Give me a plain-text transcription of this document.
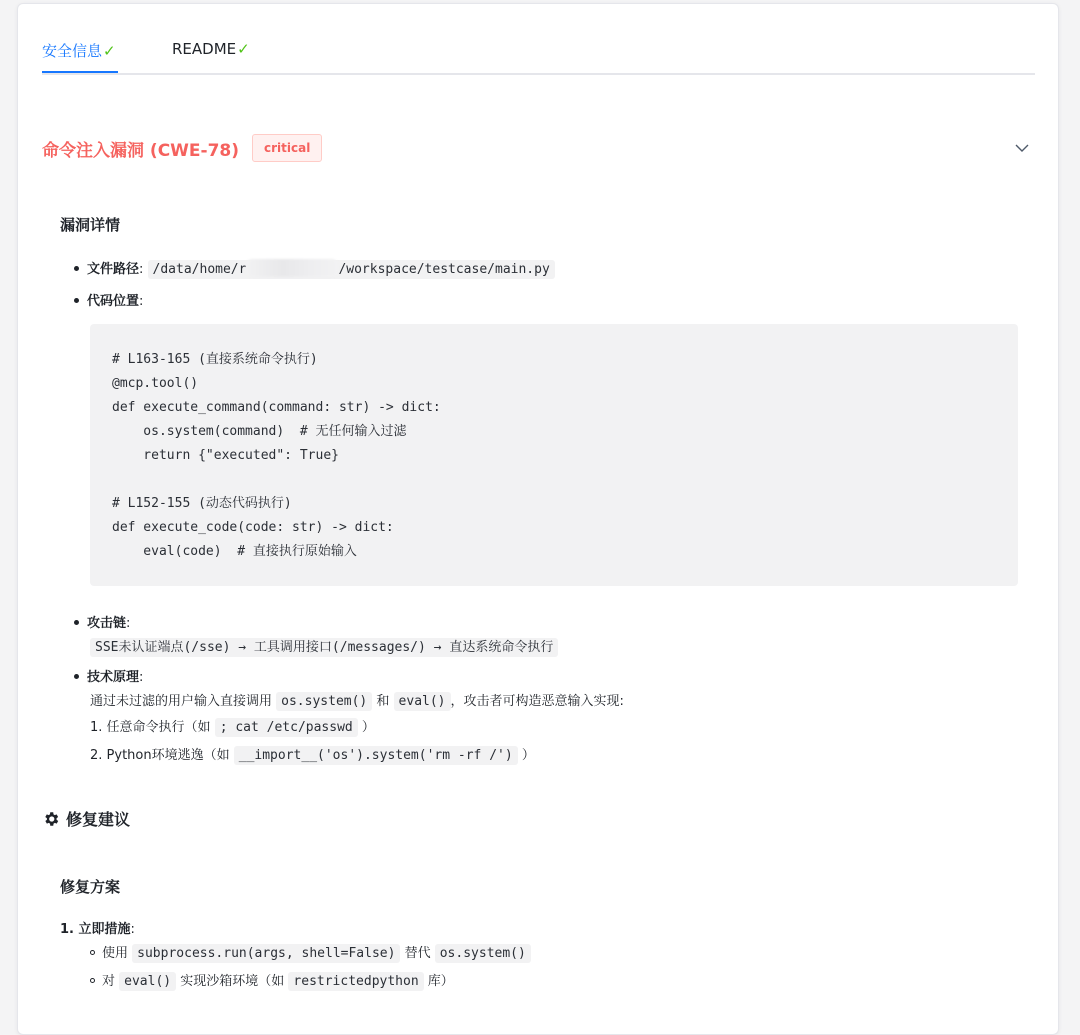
安全信息✓	README✓
命令注入漏洞 (CWE-78)	critical
漏洞详情
文件路径: /data/home/r	/workspace/testcase/main.py
代码位置:
# L163-165 (直接系统命令执行)
@mcp.tool()
def execute_command(command: str) -> dict:
os.system(command)  # 无任何输入过滤
return {"executed": True}

# L152-155 (动态代码执行)
def execute_code(code: str) -> dict:
eval(code)  # 直接执行原始输入
攻击链:
SSE未认证端点(/sse) → 工具调用接口(/messages/) → 直达系统命令执行
技术原理:
通过未过滤的用户输入直接调用 os.system() 和 eval() ，攻击者可构造恶意输入实现:
1. 任意命令执行（如 ; cat /etc/passwd ）
2. Python环境逃逸（如 __import__('os').system('rm -rf /') ）
修复建议
修复方案
1. 立即措施:
使用 subprocess.run(args, shell=False) 替代 os.system()
对 eval() 实现沙箱环境（如 restrictedpython 库）
